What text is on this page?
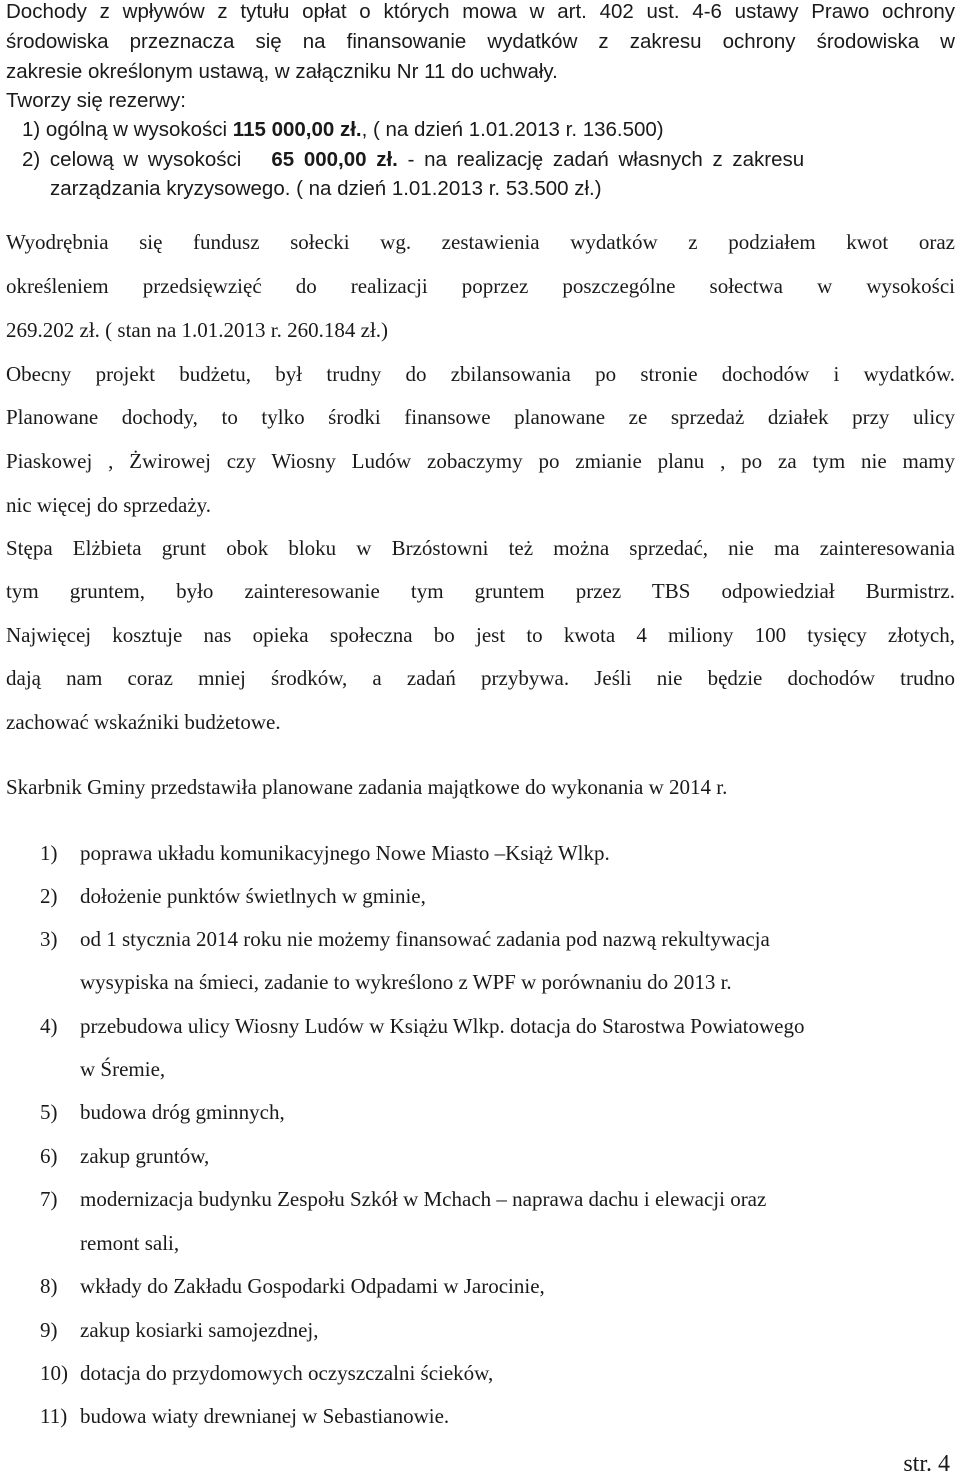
Dochody z wpływów z tytułu opłat o których mowa w art. 402 ust. 4-6 ustawy Prawo ochrony
środowiska przeznacza się na finansowanie wydatków z zakresu ochrony środowiska w
zakresie określonym ustawą, w załączniku Nr 11 do uchwały.
Tworzy się rezerwy:
1) ogólną w wysokości 115 000,00 zł., ( na dzień 1.01.2013 r. 136.500)
2) celową w wysokości 65 000,00 zł. - na realizację zadań własnych z zakresu
zarządzania kryzysowego. ( na dzień 1.01.2013 r. 53.500 zł.)
Wyodrębnia się fundusz sołecki wg. zestawienia wydatków z podziałem kwot oraz
określeniem przedsięwzięć do realizacji poprzez poszczególne sołectwa w wysokości
269.202 zł. ( stan na 1.01.2013 r. 260.184 zł.)
Obecny projekt budżetu, był trudny do zbilansowania po stronie dochodów i wydatków.
Planowane dochody, to tylko środki finansowe planowane ze sprzedaż działek przy ulicy
Piaskowej , Żwirowej czy Wiosny Ludów zobaczymy po zmianie planu , po za tym nie mamy
nic więcej do sprzedaży.
Stępa Elżbieta grunt obok bloku w Brzóstowni też można sprzedać, nie ma zainteresowania
tym gruntem, było zainteresowanie tym gruntem przez TBS odpowiedział Burmistrz.
Najwięcej kosztuje nas opieka społeczna bo jest to kwota 4 miliony 100 tysięcy złotych,
dają nam coraz mniej środków, a zadań przybywa. Jeśli nie będzie dochodów trudno
zachować wskaźniki budżetowe.
Skarbnik Gminy przedstawiła planowane zadania majątkowe do wykonania w 2014 r.
1) poprawa układu komunikacyjnego Nowe Miasto –Książ Wlkp.
2) dołożenie punktów świetlnych w gminie,
3) od 1 stycznia 2014 roku nie możemy finansować zadania pod nazwą rekultywacja
wysypiska na śmieci, zadanie to wykreślono z WPF w porównaniu do 2013 r.
4) przebudowa ulicy Wiosny Ludów w Książu Wlkp. dotacja do Starostwa Powiatowego
w Śremie,
5) budowa dróg gminnych,
6) zakup gruntów,
7) modernizacja budynku Zespołu Szkół w Mchach – naprawa dachu i elewacji oraz
remont sali,
8) wkłady do Zakładu Gospodarki Odpadami w Jarocinie,
9) zakup kosiarki samojezdnej,
10) dotacja do przydomowych oczyszczalni ścieków,
11) budowa wiaty drewnianej w Sebastianowie.
str. 4
